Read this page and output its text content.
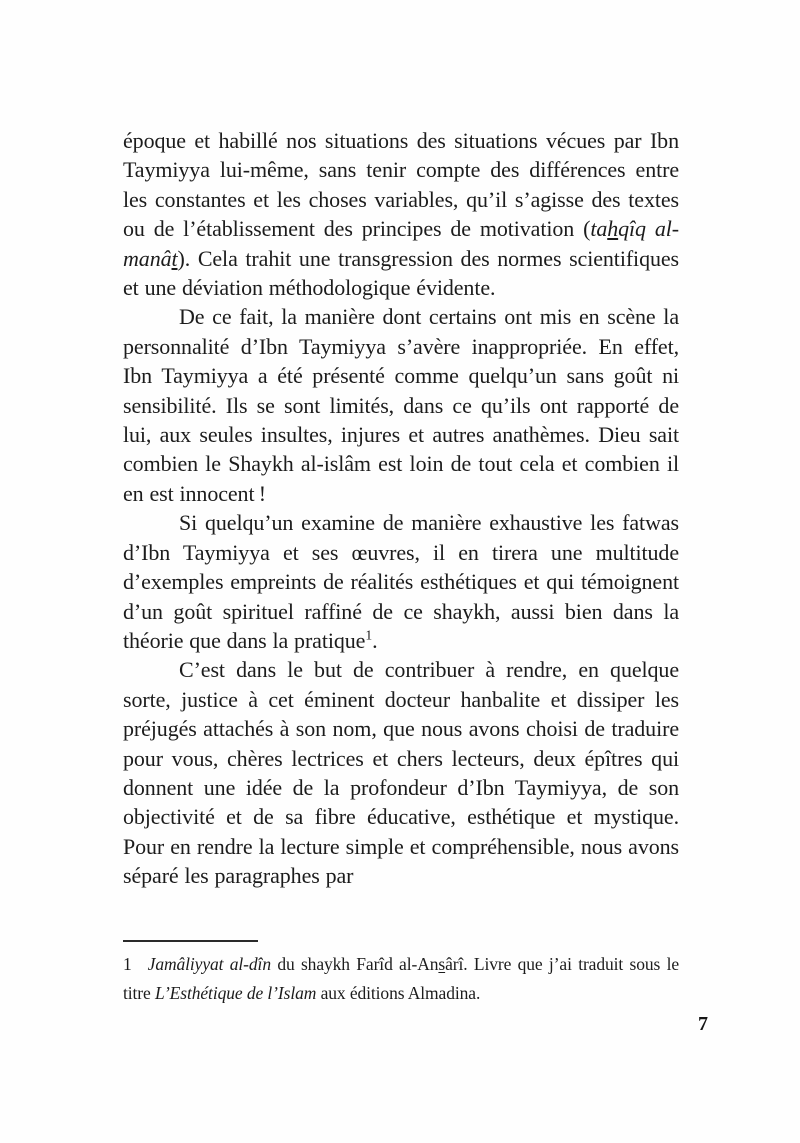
époque et habillé nos situations des situations vécues par Ibn Taymiyya lui-même, sans tenir compte des différences entre les constantes et les choses variables, qu’il s’agisse des textes ou de l’établissement des principes de motivation (tahqîq al-manât). Cela trahit une transgression des normes scientifiques et une déviation méthodologique évidente.

De ce fait, la manière dont certains ont mis en scène la personnalité d’Ibn Taymiyya s’avère inappropriée. En effet, Ibn Taymiyya a été présenté comme quelqu’un sans goût ni sensibilité. Ils se sont limités, dans ce qu’ils ont rapporté de lui, aux seules insultes, injures et autres anathèmes. Dieu sait combien le Shaykh al-islâm est loin de tout cela et combien il en est innocent !

Si quelqu’un examine de manière exhaustive les fatwas d’Ibn Taymiyya et ses œuvres, il en tirera une multitude d’exemples empreints de réalités esthétiques et qui témoignent d’un goût spirituel raffiné de ce shaykh, aussi bien dans la théorie que dans la pratique$^1$.

C’est dans le but de contribuer à rendre, en quelque sorte, justice à cet éminent docteur hanbalite et dissiper les préjugés attachés à son nom, que nous avons choisi de traduire pour vous, chères lectrices et chers lecteurs, deux épîtres qui donnent une idée de la profondeur d’Ibn Taymiyya, de son objectivité et de sa fibre éducative, esthétique et mystique. Pour en rendre la lecture simple et compréhensible, nous avons séparé les paragraphes par

1 Jamâliyyat al-dîn du shaykh Farîd al-Ansârî. Livre que j’ai traduit sous le titre L’Esthétique de l’Islam aux éditions Almadina.

7
